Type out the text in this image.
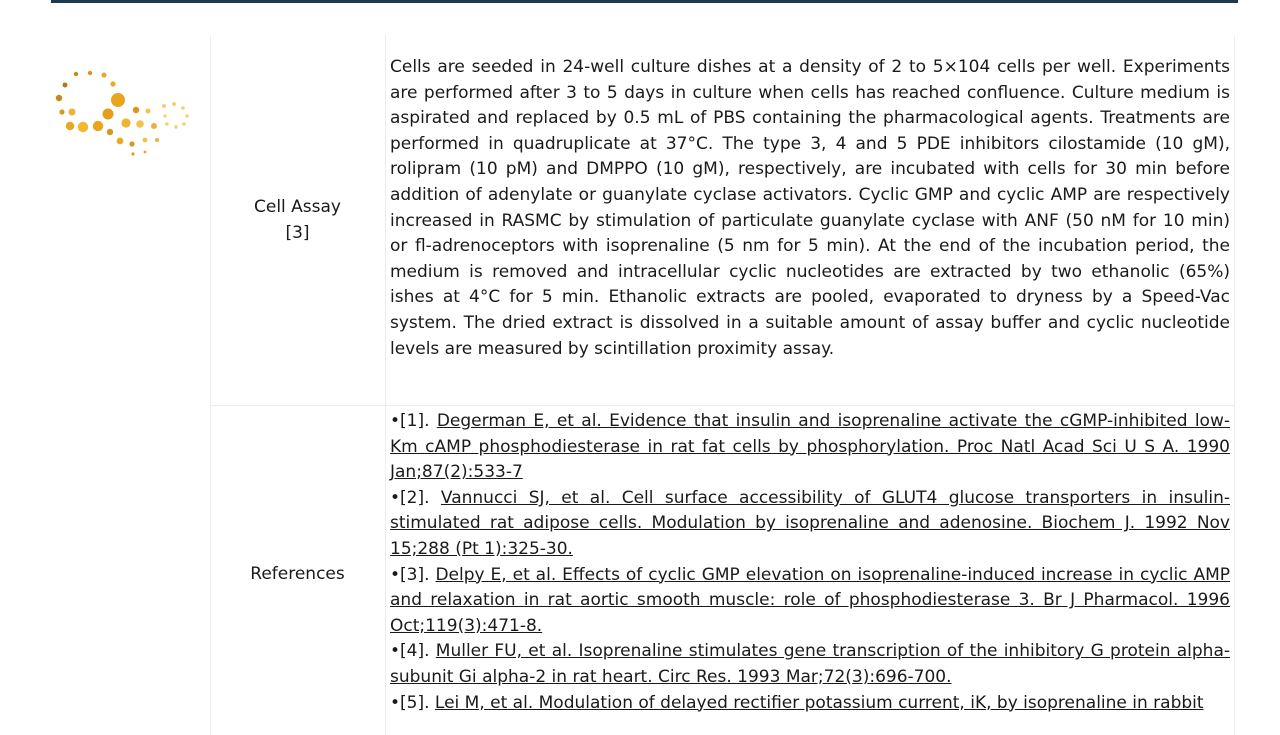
Cell Assay
[3]
Cells are seeded in 24-well culture dishes at a density of 2 to 5×104 cells per well. Experiments are performed after 3 to 5 days in culture when cells has reached confluence. Culture medium is aspirated and replaced by 0.5 mL of PBS containing the pharmacological agents. Treatments are performed in quadruplicate at 37°C. The type 3, 4 and 5 PDE inhibitors cilostamide (10 gM), rolipram (10 pM) and DMPPO (10 gM), respectively, are incubated with cells for 30 min before addition of adenylate or guanylate cyclase activators. Cyclic GMP and cyclic AMP are respectively increased in RASMC by stimulation of particulate guanylate cyclase with ANF (50 nM for 10 min) or fl-adrenoceptors with isoprenaline (5 nm for 5 min). At the end of the incubation period, the medium is removed and intracellular cyclic nucleotides are extracted by two ethanolic (65%) ishes at 4°C for 5 min. Ethanolic extracts are pooled, evaporated to dryness by a Speed-Vac system. The dried extract is dissolved in a suitable amount of assay buffer and cyclic nucleotide levels are measured by scintillation proximity assay.
References

•[1]. Degerman E, et al. Evidence that insulin and isoprenaline activate the cGMP-inhibited low-Km cAMP phosphodiesterase in rat fat cells by phosphorylation. Proc Natl Acad Sci U S A. 1990 Jan;87(2):533-7

•[2]. Vannucci SJ, et al. Cell surface accessibility of GLUT4 glucose transporters in insulin-stimulated rat adipose cells. Modulation by isoprenaline and adenosine. Biochem J. 1992 Nov 15;288 (Pt 1):325-30.

•[3]. Delpy E, et al. Effects of cyclic GMP elevation on isoprenaline-induced increase in cyclic AMP and relaxation in rat aortic smooth muscle: role of phosphodiesterase 3. Br J Pharmacol. 1996 Oct;119(3):471-8.

•[4]. Muller FU, et al. Isoprenaline stimulates gene transcription of the inhibitory G protein alpha-subunit Gi alpha-2 in rat heart. Circ Res. 1993 Mar;72(3):696-700.

•[5]. Lei M, et al. Modulation of delayed rectifier potassium current, iK, by isoprenaline in rabbit
